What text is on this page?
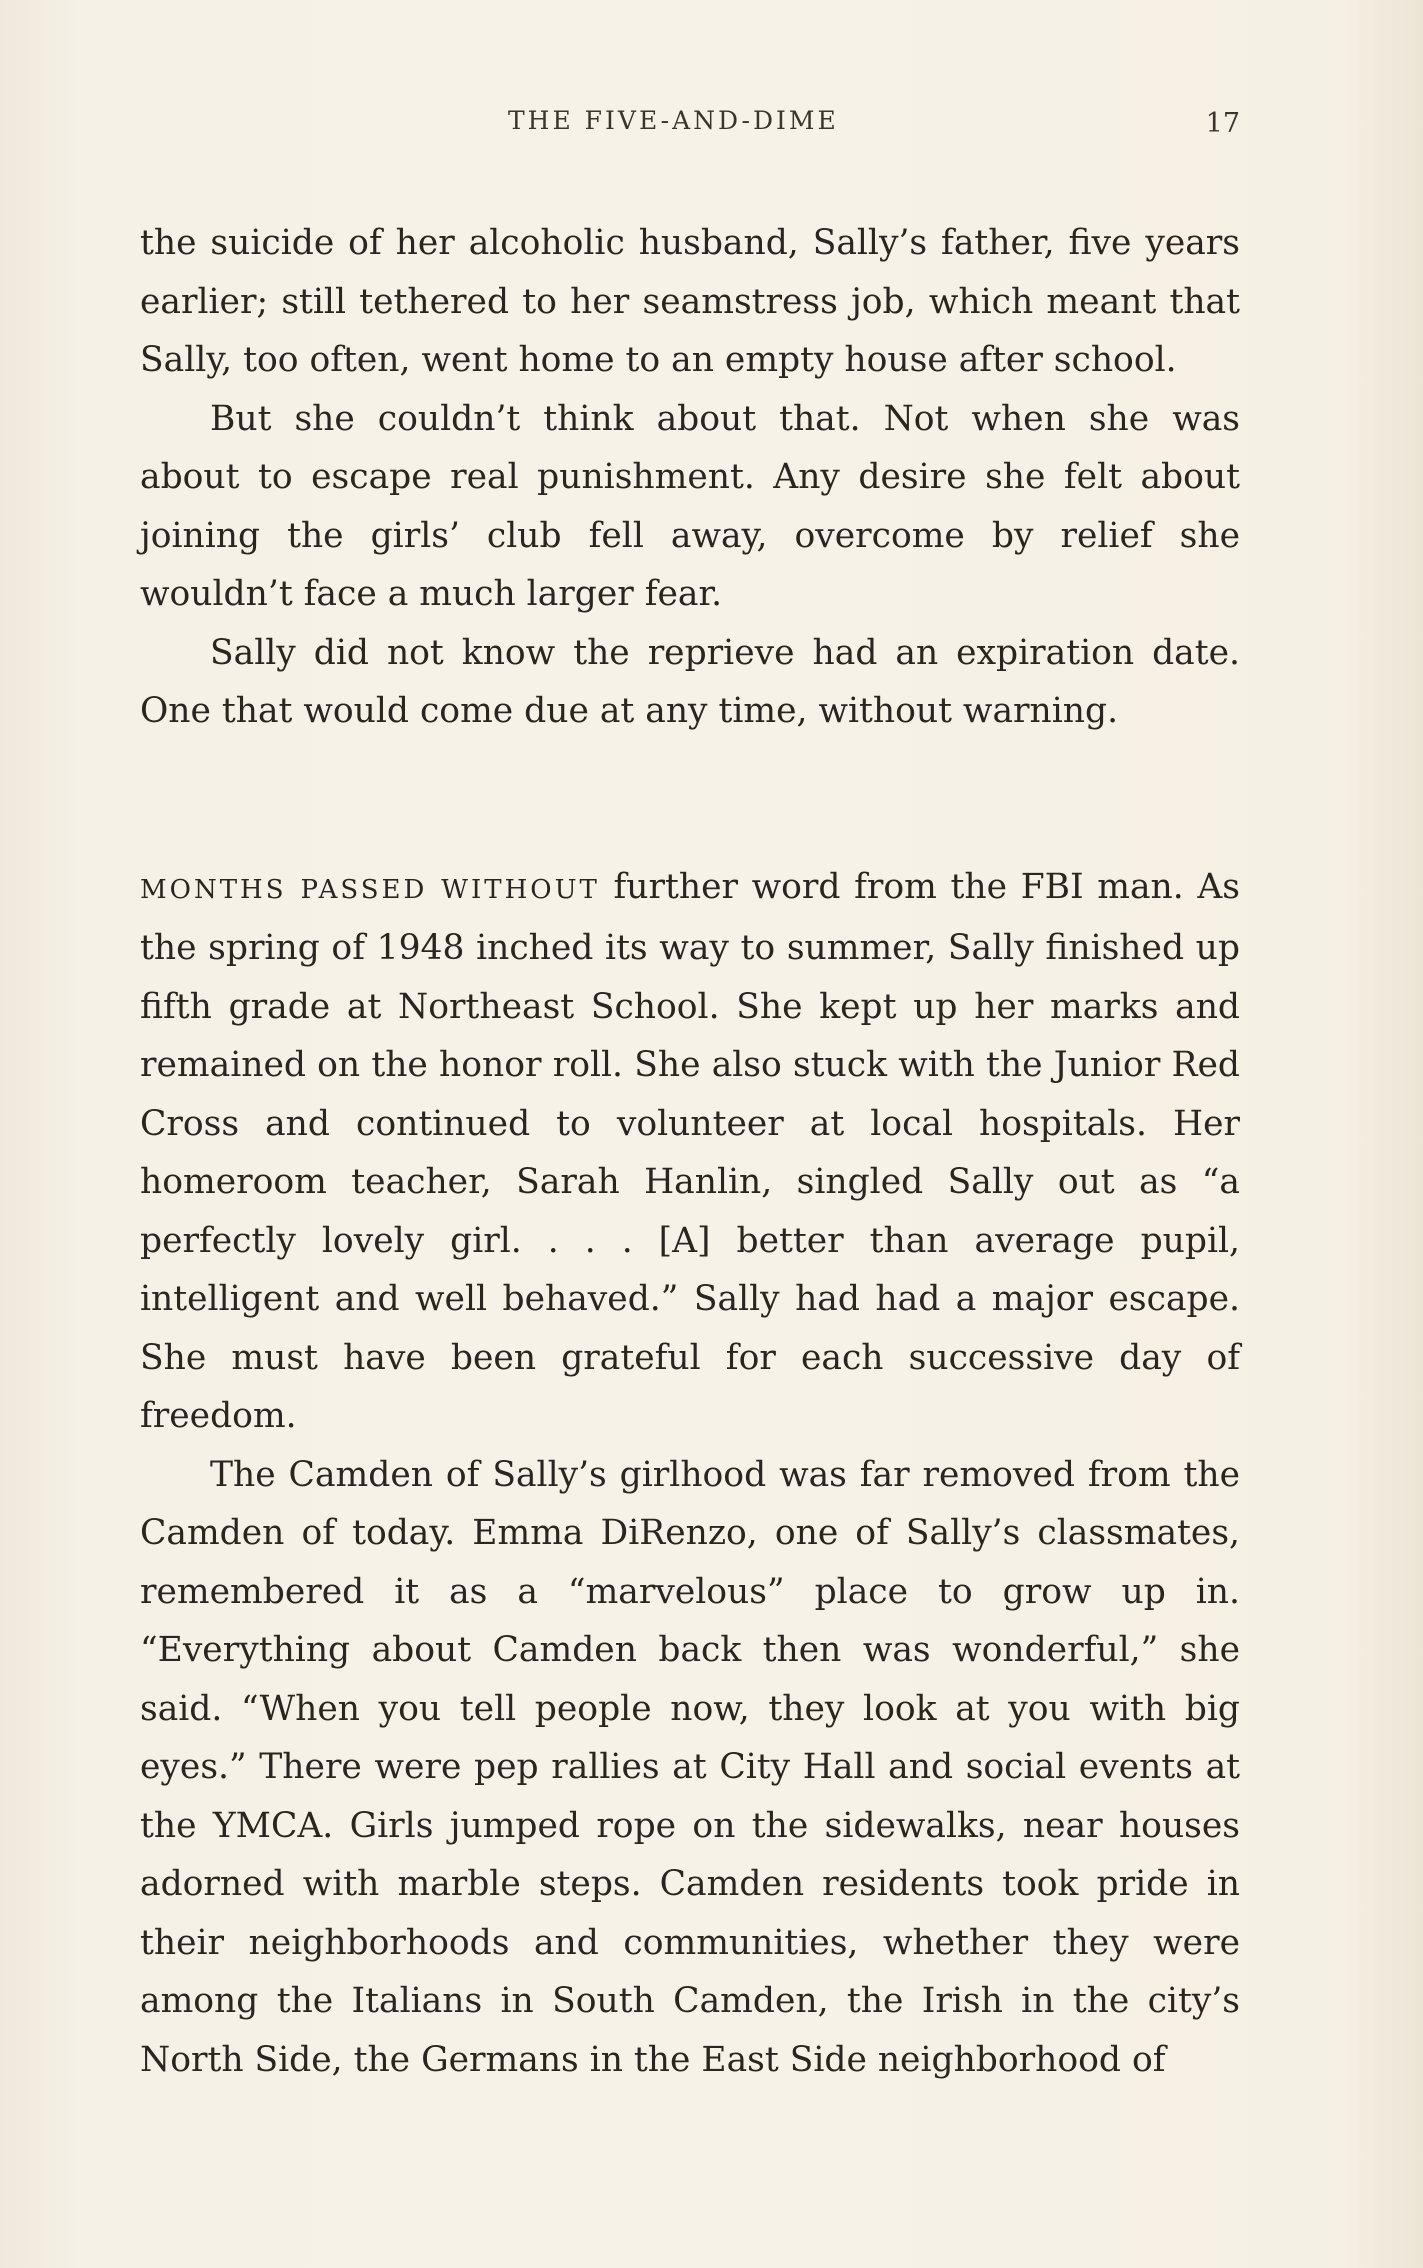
THE FIVE-AND-DIME	17

the suicide of her alcoholic husband, Sally’s father, five years earlier; still tethered to her seamstress job, which meant that Sally, too often, went home to an empty house after school.

But she couldn’t think about that. Not when she was about to escape real punishment. Any desire she felt about joining the girls’ club fell away, overcome by relief she wouldn’t face a much larger fear.

Sally did not know the reprieve had an expiration date. One that would come due at any time, without warning.

MONTHS PASSED WITHOUT further word from the FBI man. As the spring of 1948 inched its way to summer, Sally finished up fifth grade at Northeast School. She kept up her marks and remained on the honor roll. She also stuck with the Junior Red Cross and continued to volunteer at local hospitals. Her homeroom teacher, Sarah Hanlin, singled Sally out as “a perfectly lovely girl. . . . [A] better than average pupil, intelligent and well behaved.” Sally had had a major escape. She must have been grateful for each successive day of freedom.

The Camden of Sally’s girlhood was far removed from the Camden of today. Emma DiRenzo, one of Sally’s classmates, remembered it as a “marvelous” place to grow up in. “Everything about Camden back then was wonderful,” she said. “When you tell people now, they look at you with big eyes.” There were pep rallies at City Hall and social events at the YMCA. Girls jumped rope on the sidewalks, near houses adorned with marble steps. Camden residents took pride in their neighborhoods and communities, whether they were among the Italians in South Camden, the Irish in the city’s North Side, the Germans in the East Side neighborhood of
